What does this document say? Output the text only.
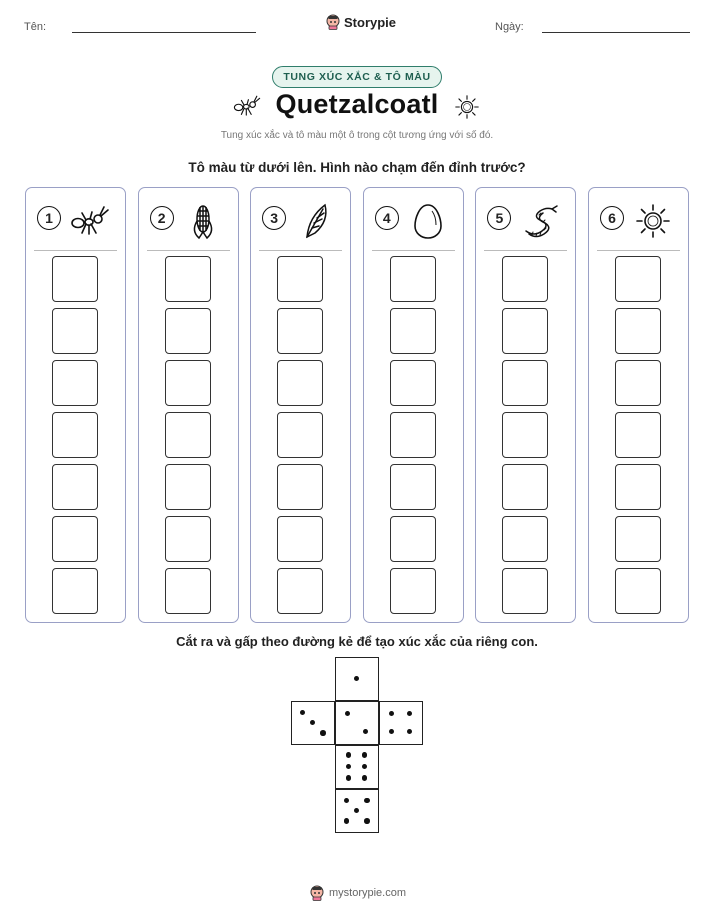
Tên:	Storypie	Ngày:
TUNG XÚC XẮC & TÔ MÀU
Quetzalcoatl
Tung xúc xắc và tô màu một ô trong cột tương ứng với số đó.
Tô màu từ dưới lên. Hình nào chạm đến đỉnh trước?
1	2	3	4	5	6
Cắt ra và gấp theo đường kẻ để tạo xúc xắc của riêng con.
mystorypie.com
